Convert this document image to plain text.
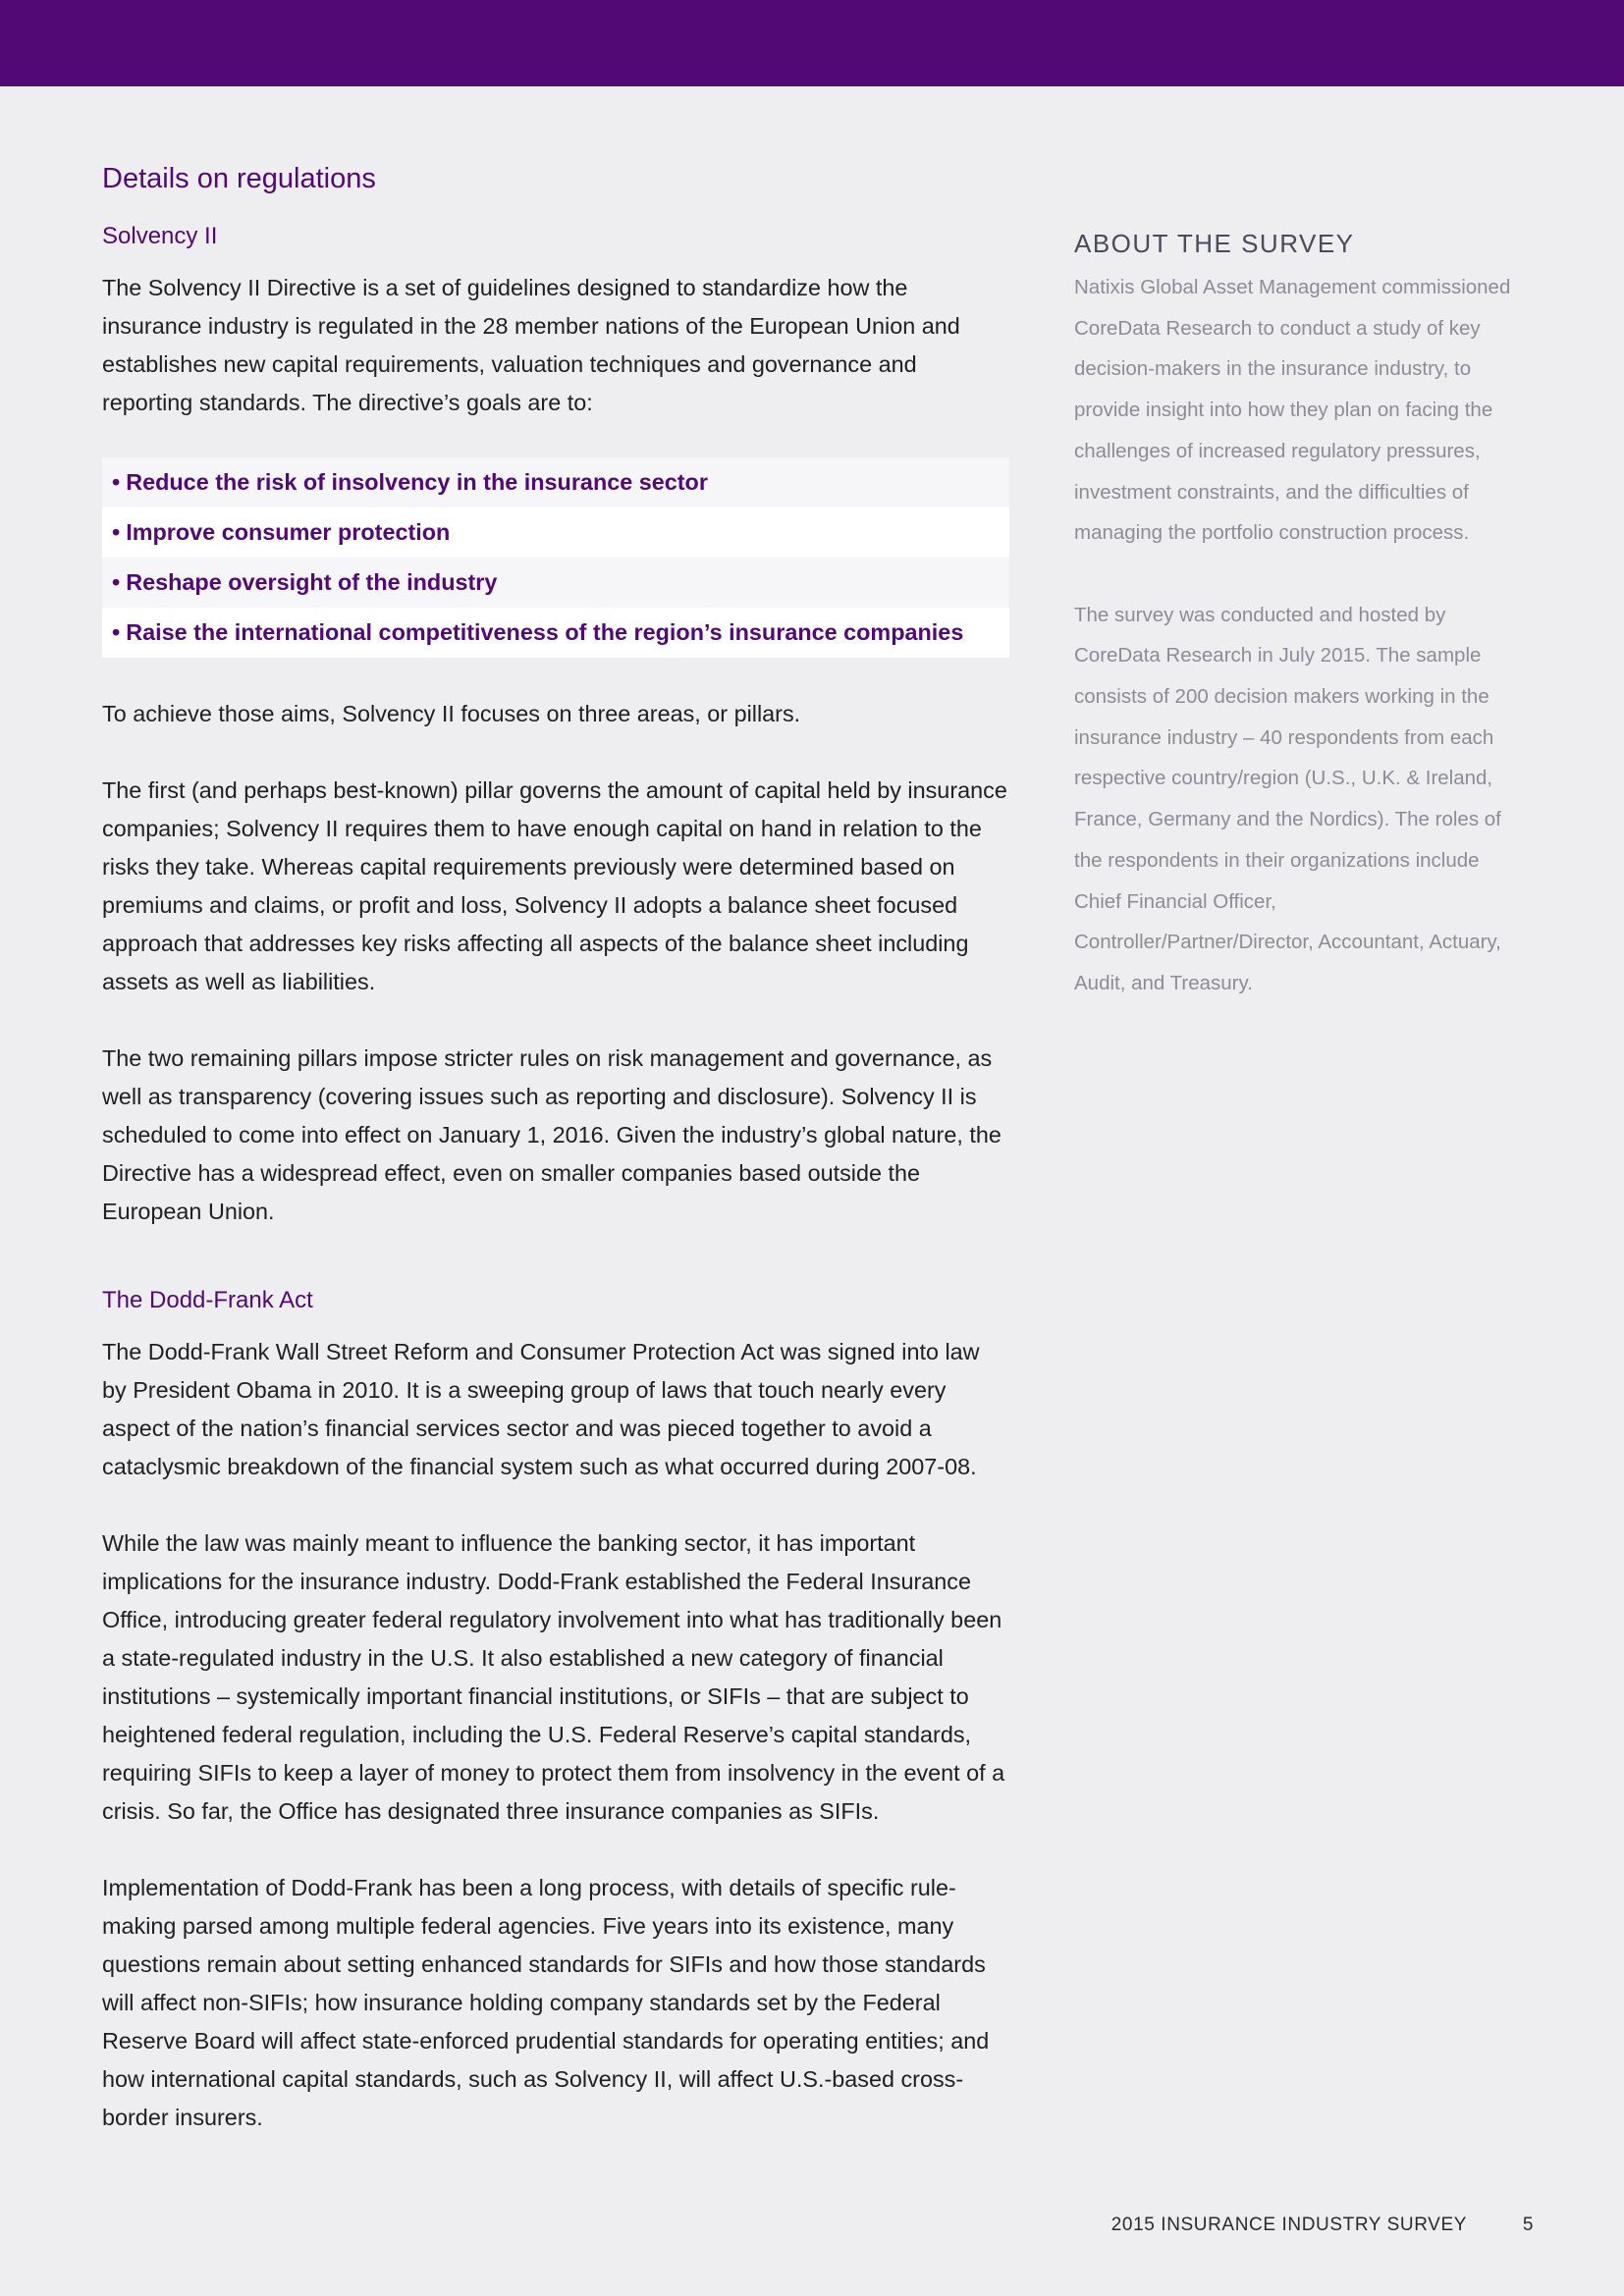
Details on regulations
Solvency II

The Solvency II Directive is a set of guidelines designed to standardize how the insurance industry is regulated in the 28 member nations of the European Union and establishes new capital requirements, valuation techniques and governance and reporting standards. The directive’s goals are to:

• Reduce the risk of insolvency in the insurance sector
• Improve consumer protection
• Reshape oversight of the industry
• Raise the international competitiveness of the region’s insurance companies

To achieve those aims, Solvency II focuses on three areas, or pillars.

The first (and perhaps best-known) pillar governs the amount of capital held by insurance companies; Solvency II requires them to have enough capital on hand in relation to the risks they take. Whereas capital requirements previously were determined based on premiums and claims, or profit and loss, Solvency II adopts a balance sheet focused approach that addresses key risks affecting all aspects of the balance sheet including assets as well as liabilities.

The two remaining pillars impose stricter rules on risk management and governance, as well as transparency (covering issues such as reporting and disclosure). Solvency II is scheduled to come into effect on January 1, 2016. Given the industry’s global nature, the Directive has a widespread effect, even on smaller companies based outside the European Union.

The Dodd-Frank Act

The Dodd-Frank Wall Street Reform and Consumer Protection Act was signed into law by President Obama in 2010. It is a sweeping group of laws that touch nearly every aspect of the nation’s financial services sector and was pieced together to avoid a cataclysmic breakdown of the financial system such as what occurred during 2007-08.

While the law was mainly meant to influence the banking sector, it has important implications for the insurance industry. Dodd-Frank established the Federal Insurance Office, introducing greater federal regulatory involvement into what has traditionally been a state-regulated industry in the U.S. It also established a new category of financial institutions – systemically important financial institutions, or SIFIs – that are subject to heightened federal regulation, including the U.S. Federal Reserve’s capital standards, requiring SIFIs to keep a layer of money to protect them from insolvency in the event of a crisis. So far, the Office has designated three insurance companies as SIFIs.

Implementation of Dodd-Frank has been a long process, with details of specific rule-making parsed among multiple federal agencies. Five years into its existence, many questions remain about setting enhanced standards for SIFIs and how those standards will affect non-SIFIs; how insurance holding company standards set by the Federal Reserve Board will affect state-enforced prudential standards for operating entities; and how international capital standards, such as Solvency II, will affect U.S.-based cross-border insurers.

ABOUT THE SURVEY

Natixis Global Asset Management commissioned CoreData Research to conduct a study of key decision-makers in the insurance industry, to provide insight into how they plan on facing the challenges of increased regulatory pressures, investment constraints, and the difficulties of managing the portfolio construction process.

The survey was conducted and hosted by CoreData Research in July 2015. The sample consists of 200 decision makers working in the insurance industry – 40 respondents from each respective country/region (U.S., U.K. & Ireland, France, Germany and the Nordics). The roles of the respondents in their organizations include Chief Financial Officer, Controller/Partner/Director, Accountant, Actuary, Audit, and Treasury.

2015 INSURANCE INDUSTRY SURVEY	5
